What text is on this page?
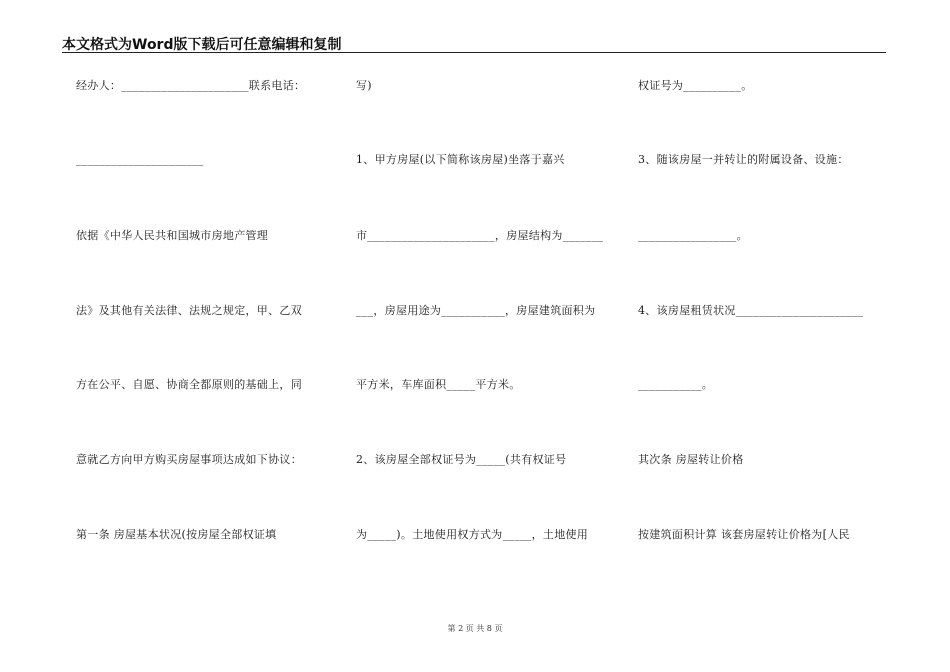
本文格式为Word版下载后可任意编辑和复制
经办人：______________________联系电话：
______________________
依据《中华人民共和国城市房地产管理
法》及其他有关法律、法规之规定，甲、乙双
方在公平、自愿、协商全都原则的基础上，同
意就乙方向甲方购买房屋事项达成如下协议：
第一条 房屋基本状况(按房屋全部权证填
写)
1、甲方房屋(以下简称该房屋)坐落于嘉兴
市______________________，房屋结构为_______
___，房屋用途为___________，房屋建筑面积为
平方米，车库面积_____平方米。
2、该房屋全部权证号为_____(共有权证号
为_____)。土地使用权方式为_____，土地使用
权证号为__________。
3、随该房屋一并转让的附属设备、设施：
_________________。
4、该房屋租赁状况______________________
___________。
其次条 房屋转让价格
按建筑面积计算 该套房屋转让价格为[人民
第 2 页 共 8 页
